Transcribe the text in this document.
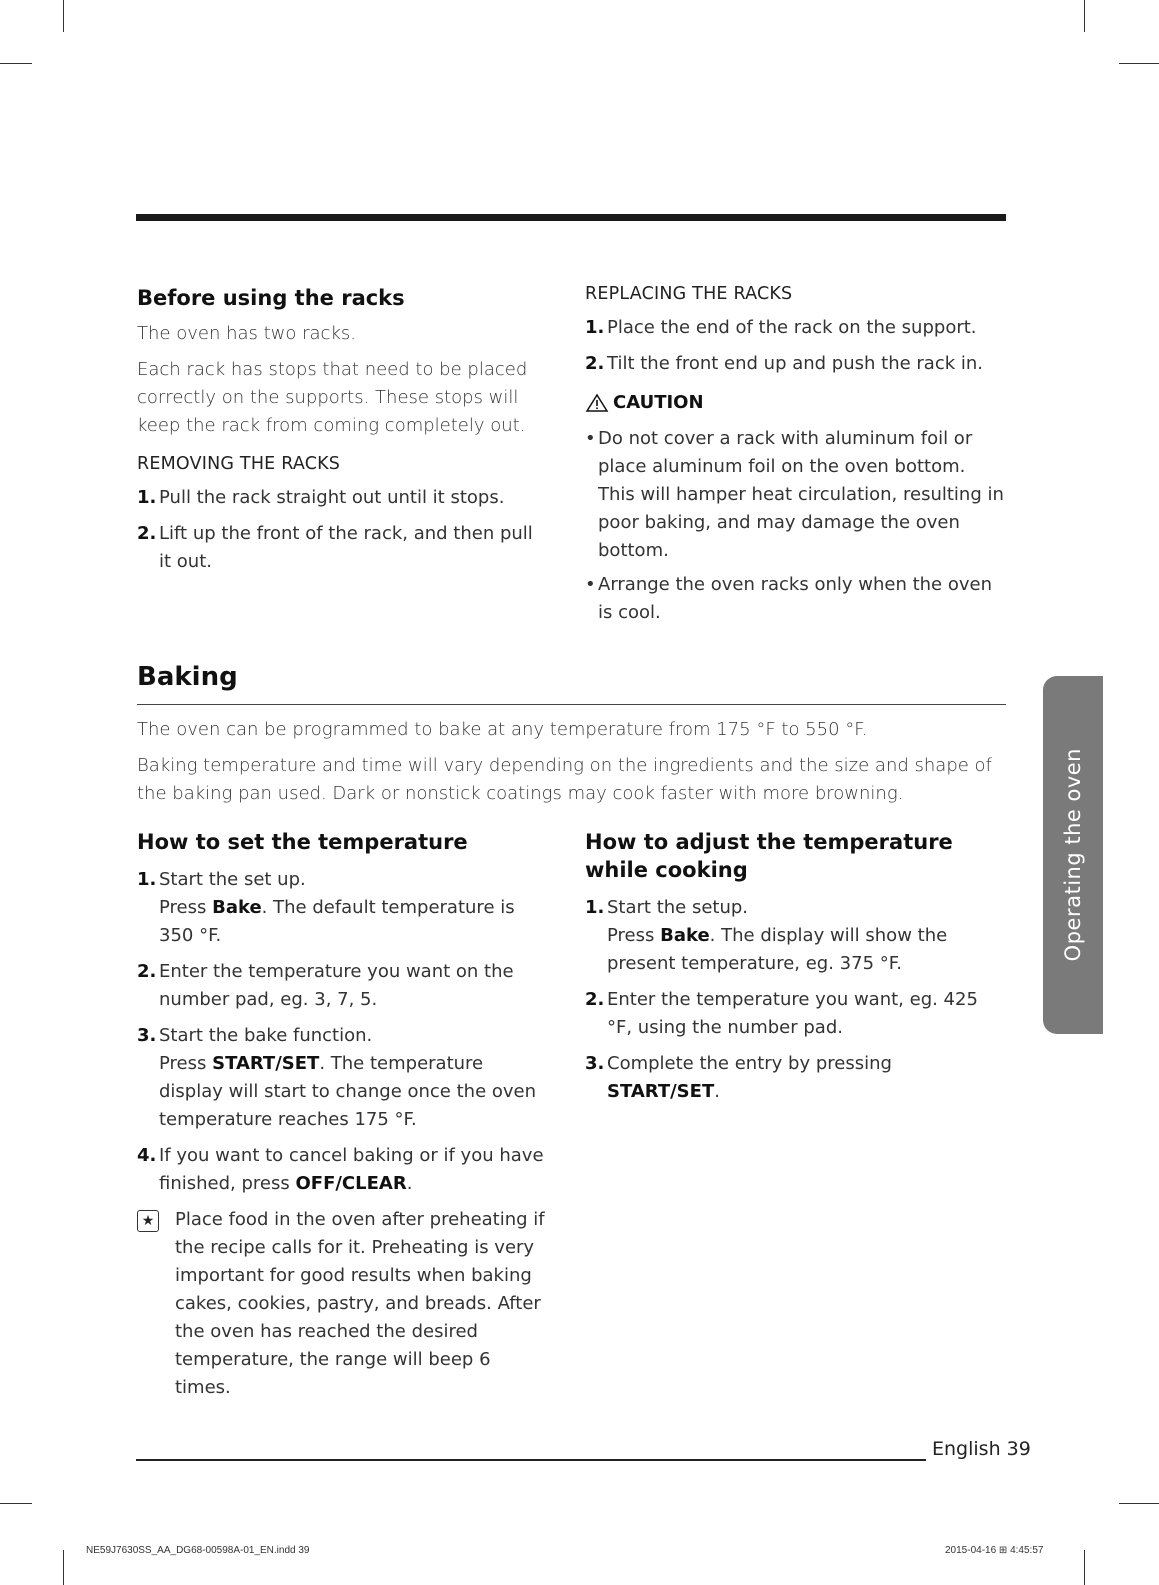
Before using the racks
The oven has two racks.
Each rack has stops that need to be placed correctly on the supports. These stops will keep the rack from coming completely out.
REMOVING THE RACKS
1. Pull the rack straight out until it stops.
2. Lift up the front of the rack, and then pull it out.
REPLACING THE RACKS
1. Place the end of the rack on the support.
2. Tilt the front end up and push the rack in.
CAUTION
• Do not cover a rack with aluminum foil or place aluminum foil on the oven bottom. This will hamper heat circulation, resulting in poor baking, and may damage the oven bottom.
• Arrange the oven racks only when the oven is cool.
Baking
The oven can be programmed to bake at any temperature from 175 °F to 550 °F.
Baking temperature and time will vary depending on the ingredients and the size and shape of the baking pan used. Dark or nonstick coatings may cook faster with more browning.
How to set the temperature
1. Start the set up.
Press Bake. The default temperature is 350 °F.
2. Enter the temperature you want on the number pad, eg. 3, 7, 5.
3. Start the bake function.
Press START/SET. The temperature display will start to change once the oven temperature reaches 175 °F.
4. If you want to cancel baking or if you have finished, press OFF/CLEAR.
★ Place food in the oven after preheating if the recipe calls for it. Preheating is very important for good results when baking cakes, cookies, pastry, and breads. After the oven has reached the desired temperature, the range will beep 6 times.
How to adjust the temperature while cooking
1. Start the setup.
Press Bake. The display will show the present temperature, eg. 375 °F.
2. Enter the temperature you want, eg. 425 °F, using the number pad.
3. Complete the entry by pressing START/SET.
Operating the oven
English 39
NE59J7630SS_AA_DG68-00598A-01_EN.indd 39	2015-04-16 ⊞ 4:45:57
